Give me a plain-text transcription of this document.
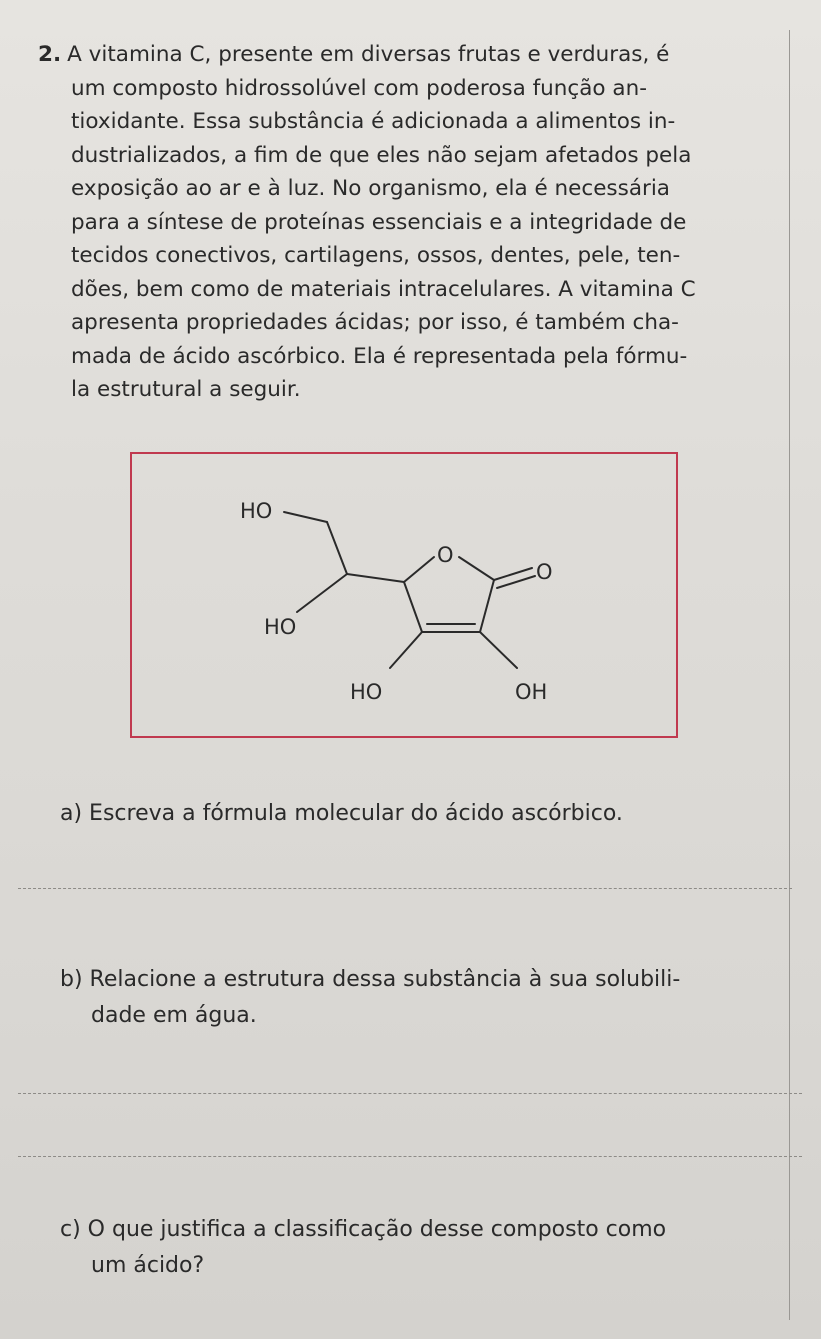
2. A vitamina C, presente em diversas frutas e verduras, é
um composto hidrossolúvel com poderosa função an-
tioxidante. Essa substância é adicionada a alimentos in-
dustrializados, a fim de que eles não sejam afetados pela
exposição ao ar e à luz. No organismo, ela é necessária
para a síntese de proteínas essenciais e a integridade de
tecidos conectivos, cartilagens, ossos, dentes, pele, ten-
dões, bem como de materiais intracelulares. A vitamina C
apresenta propriedades ácidas; por isso, é também cha-
mada de ácido ascórbico. Ela é representada pela fórmu-
la estrutural a seguir.
HO
O
O
HO
HO	OH
a) Escreva a fórmula molecular do ácido ascórbico.
b) Relacione a estrutura dessa substância à sua solubili-
dade em água.
c) O que justifica a classificação desse composto como
um ácido?
